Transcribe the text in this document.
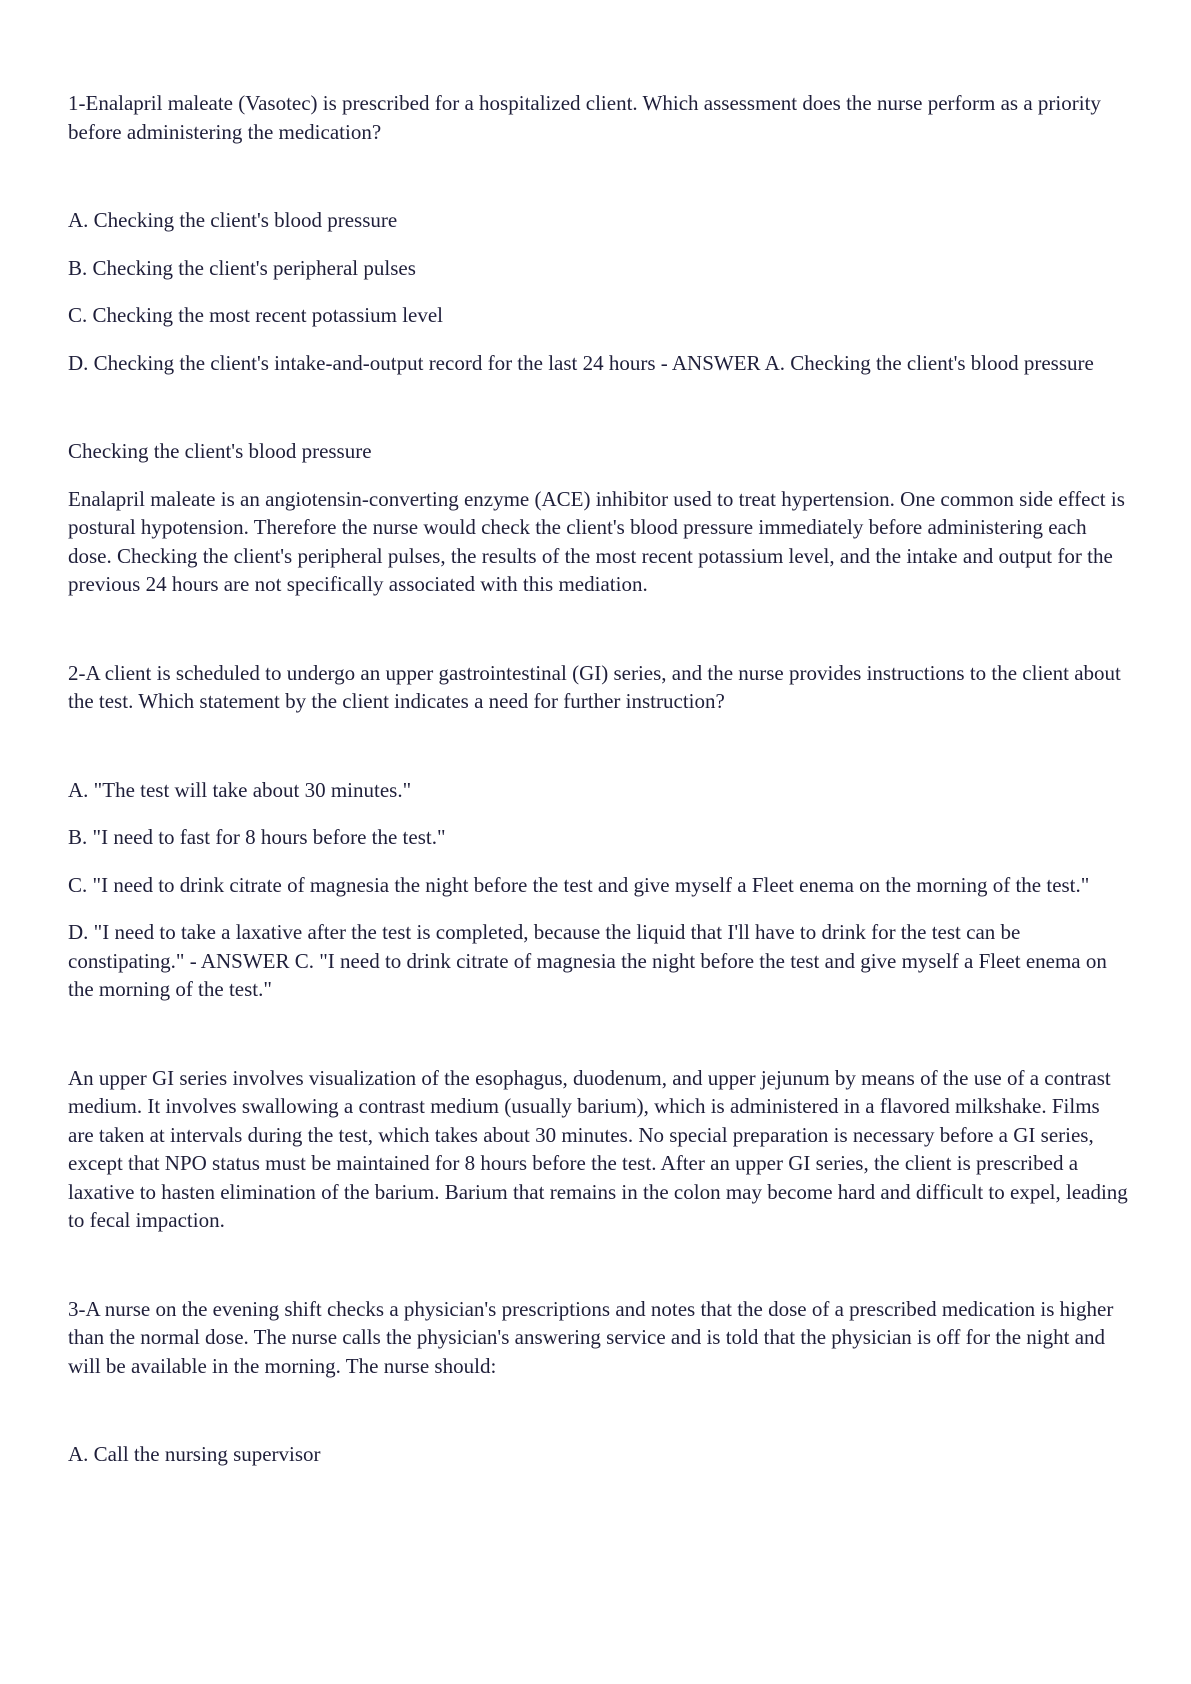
1-Enalapril maleate (Vasotec) is prescribed for a hospitalized client. Which assessment does the nurse perform as a priority before administering the medication?

A. Checking the client's blood pressure

B. Checking the client's peripheral pulses

C. Checking the most recent potassium level

D. Checking the client's intake-and-output record for the last 24 hours - ANSWER A. Checking the client's blood pressure

Checking the client's blood pressure

Enalapril maleate is an angiotensin-converting enzyme (ACE) inhibitor used to treat hypertension. One common side effect is postural hypotension. Therefore the nurse would check the client's blood pressure immediately before administering each dose. Checking the client's peripheral pulses, the results of the most recent potassium level, and the intake and output for the previous 24 hours are not specifically associated with this mediation.

2-A client is scheduled to undergo an upper gastrointestinal (GI) series, and the nurse provides instructions to the client about the test. Which statement by the client indicates a need for further instruction?

A. "The test will take about 30 minutes."

B. "I need to fast for 8 hours before the test."

C. "I need to drink citrate of magnesia the night before the test and give myself a Fleet enema on the morning of the test."

D. "I need to take a laxative after the test is completed, because the liquid that I'll have to drink for the test can be constipating." - ANSWER C. "I need to drink citrate of magnesia the night before the test and give myself a Fleet enema on the morning of the test."

An upper GI series involves visualization of the esophagus, duodenum, and upper jejunum by means of the use of a contrast medium. It involves swallowing a contrast medium (usually barium), which is administered in a flavored milkshake. Films are taken at intervals during the test, which takes about 30 minutes. No special preparation is necessary before a GI series, except that NPO status must be maintained for 8 hours before the test. After an upper GI series, the client is prescribed a laxative to hasten elimination of the barium. Barium that remains in the colon may become hard and difficult to expel, leading to fecal impaction.

3-A nurse on the evening shift checks a physician's prescriptions and notes that the dose of a prescribed medication is higher than the normal dose. The nurse calls the physician's answering service and is told that the physician is off for the night and will be available in the morning. The nurse should:

A. Call the nursing supervisor
